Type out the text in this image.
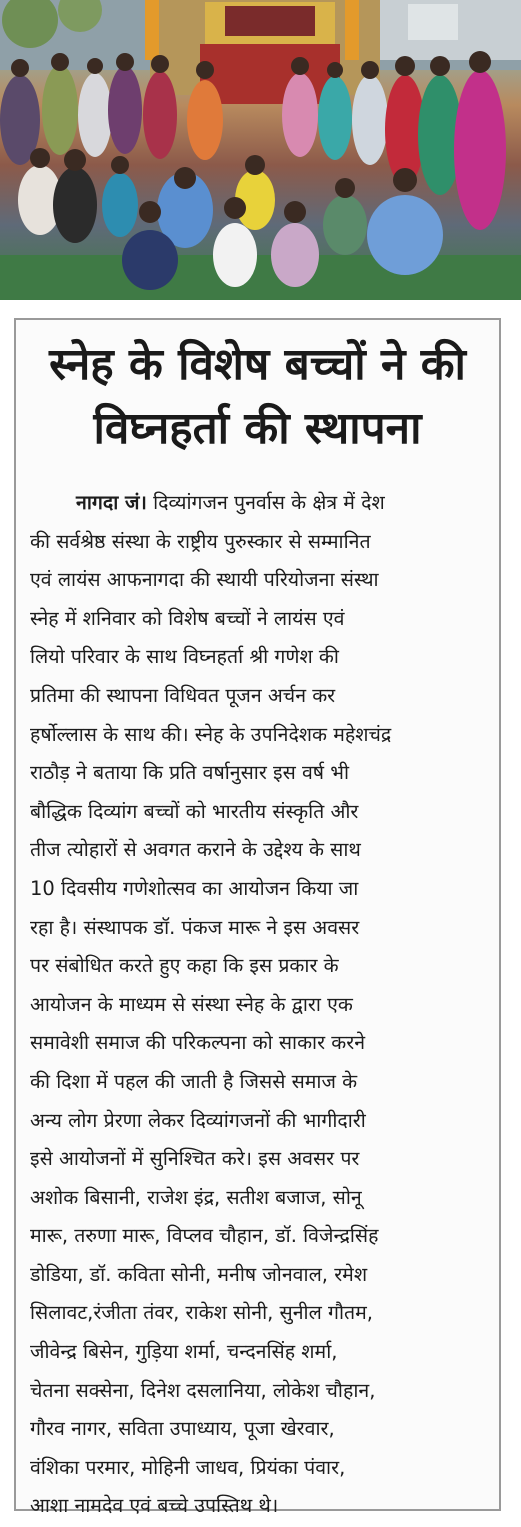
स्नेह के विशेष बच्चों ने की
विघ्नहर्ता की स्थापना
नागदा जं। दिव्यांगजन पुनर्वास के क्षेत्र में देश
की सर्वश्रेष्ठ संस्था के राष्ट्रीय पुरुस्कार से सम्मानित
एवं लायंस आफनागदा की स्थायी परियोजना संस्था
स्नेह में शनिवार को विशेष बच्चों ने लायंस एवं
लियो परिवार के साथ विघ्नहर्ता श्री गणेश की
प्रतिमा की स्थापना विधिवत पूजन अर्चन कर
हर्षोल्लास के साथ की। स्नेह के उपनिदेशक महेशचंद्र
राठौड़ ने बताया कि प्रति वर्षानुसार इस वर्ष भी
बौद्धिक दिव्यांग बच्चों को भारतीय संस्कृति और
तीज त्योहारों से अवगत कराने के उद्देश्य के साथ
10 दिवसीय गणेशोत्सव का आयोजन किया जा
रहा है। संस्थापक डॉ. पंकज मारू ने इस अवसर
पर संबोधित करते हुए कहा कि इस प्रकार के
आयोजन के माध्यम से संस्था स्नेह के द्वारा एक
समावेशी समाज की परिकल्पना को साकार करने
की दिशा में पहल की जाती है जिससे समाज के
अन्य लोग प्रेरणा लेकर दिव्यांगजनों की भागीदारी
इसे आयोजनों में सुनिश्चित करे। इस अवसर पर
अशोक बिसानी, राजेश इंद्र, सतीश बजाज, सोनू
मारू, तरुणा मारू, विप्लव चौहान, डॉ. विजेन्द्रसिंह
डोडिया, डॉ. कविता सोनी, मनीष जोनवाल, रमेश
सिलावट,रंजीता तंवर, राकेश सोनी, सुनील गौतम,
जीवेन्द्र बिसेन, गुड़िया शर्मा, चन्दनसिंह शर्मा,
चेतना सक्सेना, दिनेश दसलानिया, लोकेश चौहान,
गौरव नागर, सविता उपाध्याय, पूजा खेरवार,
वंशिका परमार, मोहिनी जाधव, प्रियंका पंवार,
आशा नामदेव एवं बच्चे उपस्तिथ थे।
